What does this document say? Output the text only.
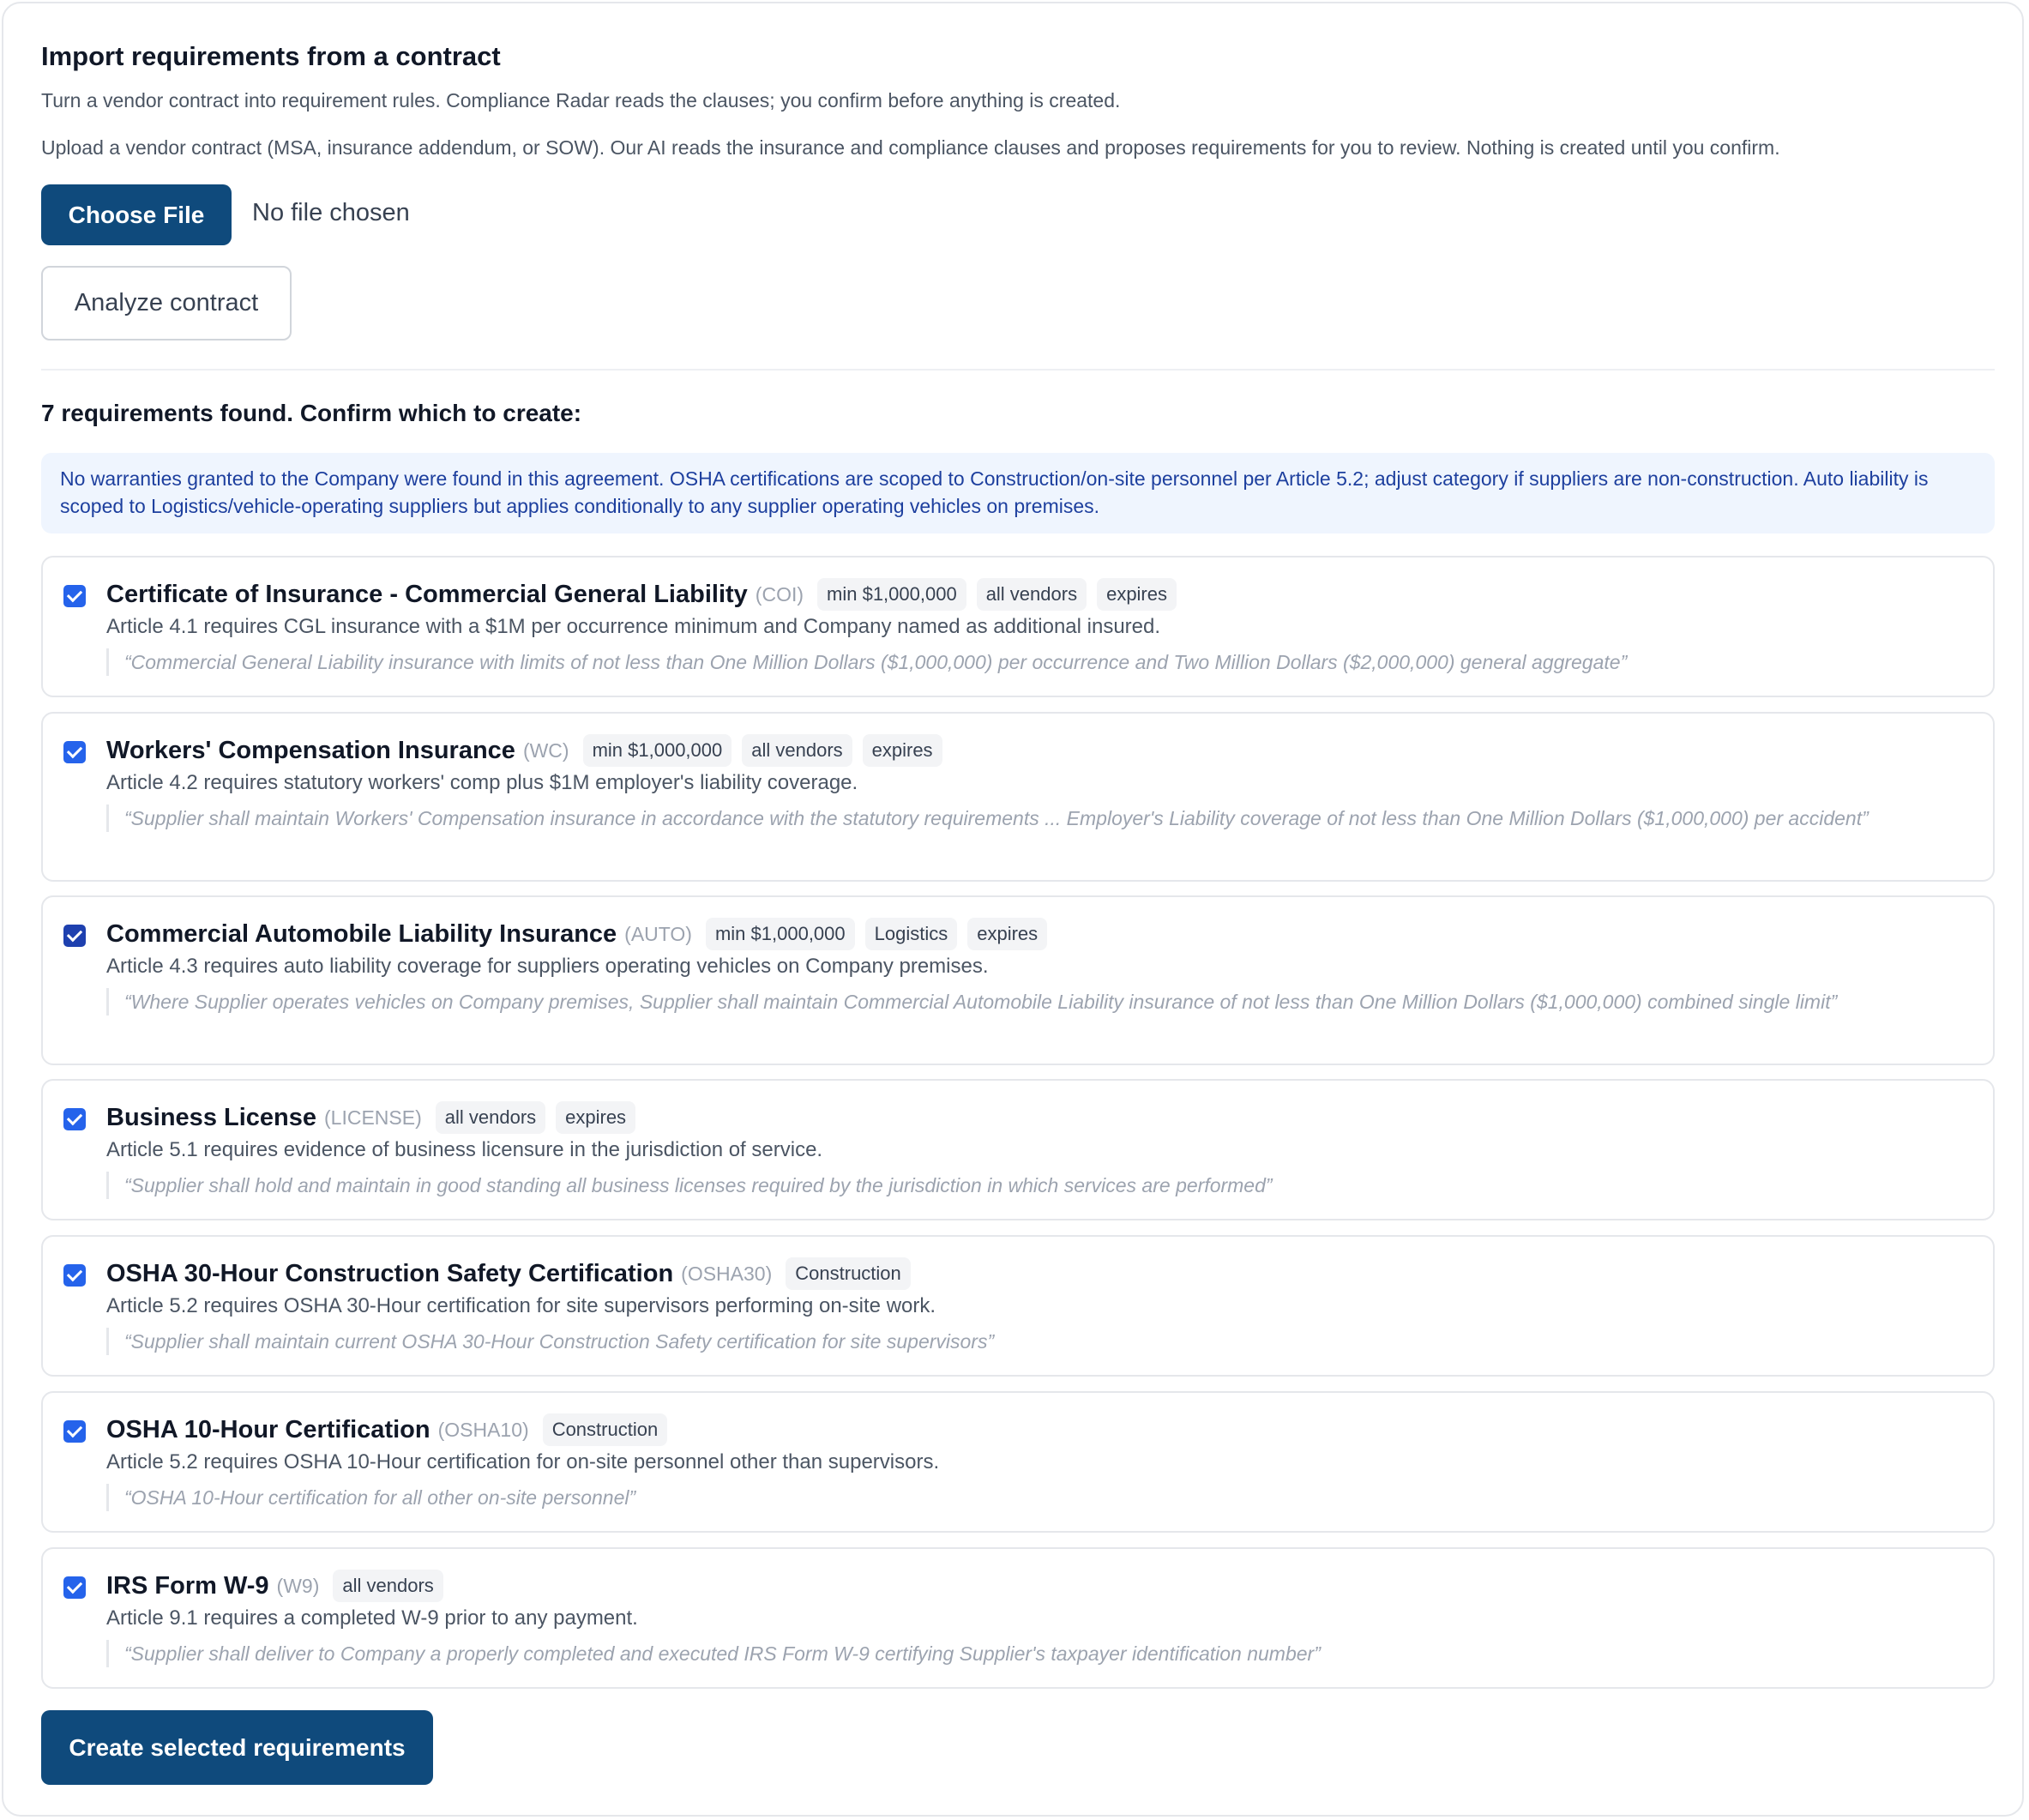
Import requirements from a contract
Turn a vendor contract into requirement rules. Compliance Radar reads the clauses; you confirm before anything is created.
Upload a vendor contract (MSA, insurance addendum, or SOW). Our AI reads the insurance and compliance clauses and proposes requirements for you to review. Nothing is created until you confirm.
Choose File	No file chosen
Analyze contract
7 requirements found. Confirm which to create:
No warranties granted to the Company were found in this agreement. OSHA certifications are scoped to Construction/on-site personnel per Article 5.2; adjust category if suppliers are non-construction. Auto liability is scoped to Logistics/vehicle-operating suppliers but applies conditionally to any supplier operating vehicles on premises.
Certificate of Insurance - Commercial General Liability (COI)	min $1,000,000	all vendors	expires
Article 4.1 requires CGL insurance with a $1M per occurrence minimum and Company named as additional insured.
“Commercial General Liability insurance with limits of not less than One Million Dollars ($1,000,000) per occurrence and Two Million Dollars ($2,000,000) general aggregate”
Workers' Compensation Insurance (WC)	min $1,000,000	all vendors	expires
Article 4.2 requires statutory workers' comp plus $1M employer's liability coverage.
“Supplier shall maintain Workers' Compensation insurance in accordance with the statutory requirements ... Employer's Liability coverage of not less than One Million Dollars ($1,000,000) per accident”
Commercial Automobile Liability Insurance (AUTO)	min $1,000,000	Logistics	expires
Article 4.3 requires auto liability coverage for suppliers operating vehicles on Company premises.
“Where Supplier operates vehicles on Company premises, Supplier shall maintain Commercial Automobile Liability insurance of not less than One Million Dollars ($1,000,000) combined single limit”
Business License (LICENSE)	all vendors	expires
Article 5.1 requires evidence of business licensure in the jurisdiction of service.
“Supplier shall hold and maintain in good standing all business licenses required by the jurisdiction in which services are performed”
OSHA 30-Hour Construction Safety Certification (OSHA30)	Construction
Article 5.2 requires OSHA 30-Hour certification for site supervisors performing on-site work.
“Supplier shall maintain current OSHA 30-Hour Construction Safety certification for site supervisors”
OSHA 10-Hour Certification (OSHA10)	Construction
Article 5.2 requires OSHA 10-Hour certification for on-site personnel other than supervisors.
“OSHA 10-Hour certification for all other on-site personnel”
IRS Form W-9 (W9)	all vendors
Article 9.1 requires a completed W-9 prior to any payment.
“Supplier shall deliver to Company a properly completed and executed IRS Form W-9 certifying Supplier's taxpayer identification number”
Create selected requirements
